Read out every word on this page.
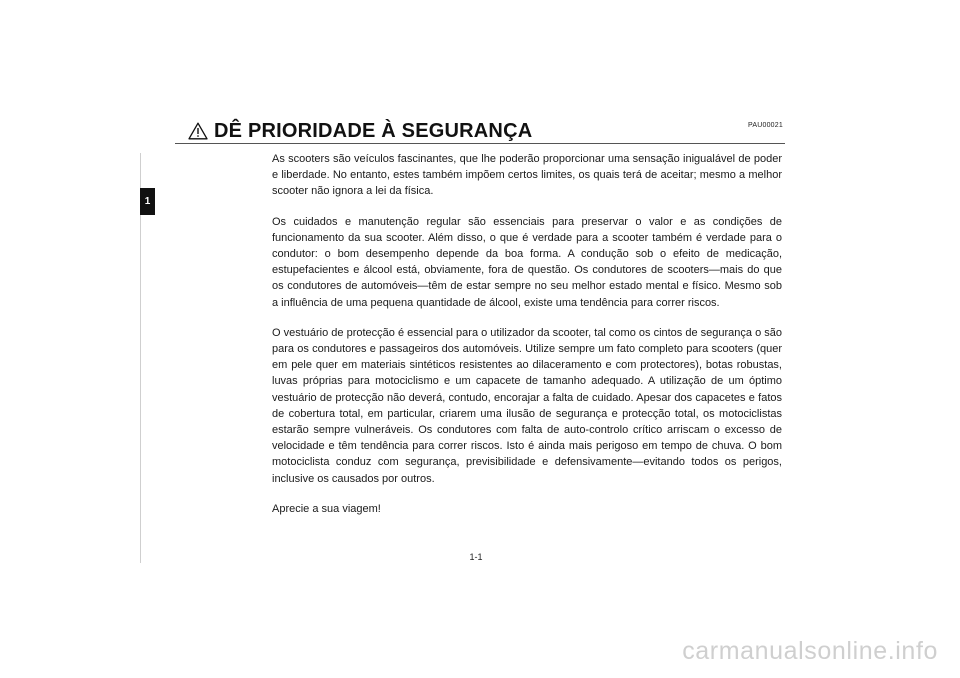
DÊ PRIORIDADE À SEGURANÇA	PAU00021
1

As scooters são veículos fascinantes, que lhe poderão proporcionar uma sensação inigualável de poder e liberdade. No entanto, estes também impõem certos limites, os quais terá de aceitar; mesmo a melhor scooter não ignora a lei da física.

Os cuidados e manutenção regular são essenciais para preservar o valor e as condições de funcionamento da sua scooter. Além disso, o que é verdade para a scooter também é verdade para o condutor: o bom desempenho depende da boa forma. A condução sob o efeito de medicação, estupefacientes e álcool está, obviamente, fora de questão. Os condutores de scooters—mais do que os condutores de automóveis—têm de estar sempre no seu melhor estado mental e físico. Mesmo sob a influência de uma pequena quantidade de álcool, existe uma tendência para correr riscos.

O vestuário de protecção é essencial para o utilizador da scooter, tal como os cintos de segurança o são para os condutores e passageiros dos automóveis. Utilize sempre um fato completo para scooters (quer em pele quer em materiais sintéticos resistentes ao dilaceramento e com protectores), botas robustas, luvas próprias para motociclismo e um capacete de tamanho adequado. A utilização de um óptimo vestuário de protecção não deverá, contudo, encorajar a falta de cuidado. Apesar dos capacetes e fatos de cobertura total, em particular, criarem uma ilusão de segurança e protecção total, os motociclistas estarão sempre vulneráveis. Os condutores com falta de auto-controlo crítico arriscam o excesso de velocidade e têm tendência para correr riscos. Isto é ainda mais perigoso em tempo de chuva. O bom motociclista conduz com segurança, previsibilidade e defensivamente—evitando todos os perigos, inclusive os causados por outros.

Aprecie a sua viagem!

1-1
carmanualsonline.info
